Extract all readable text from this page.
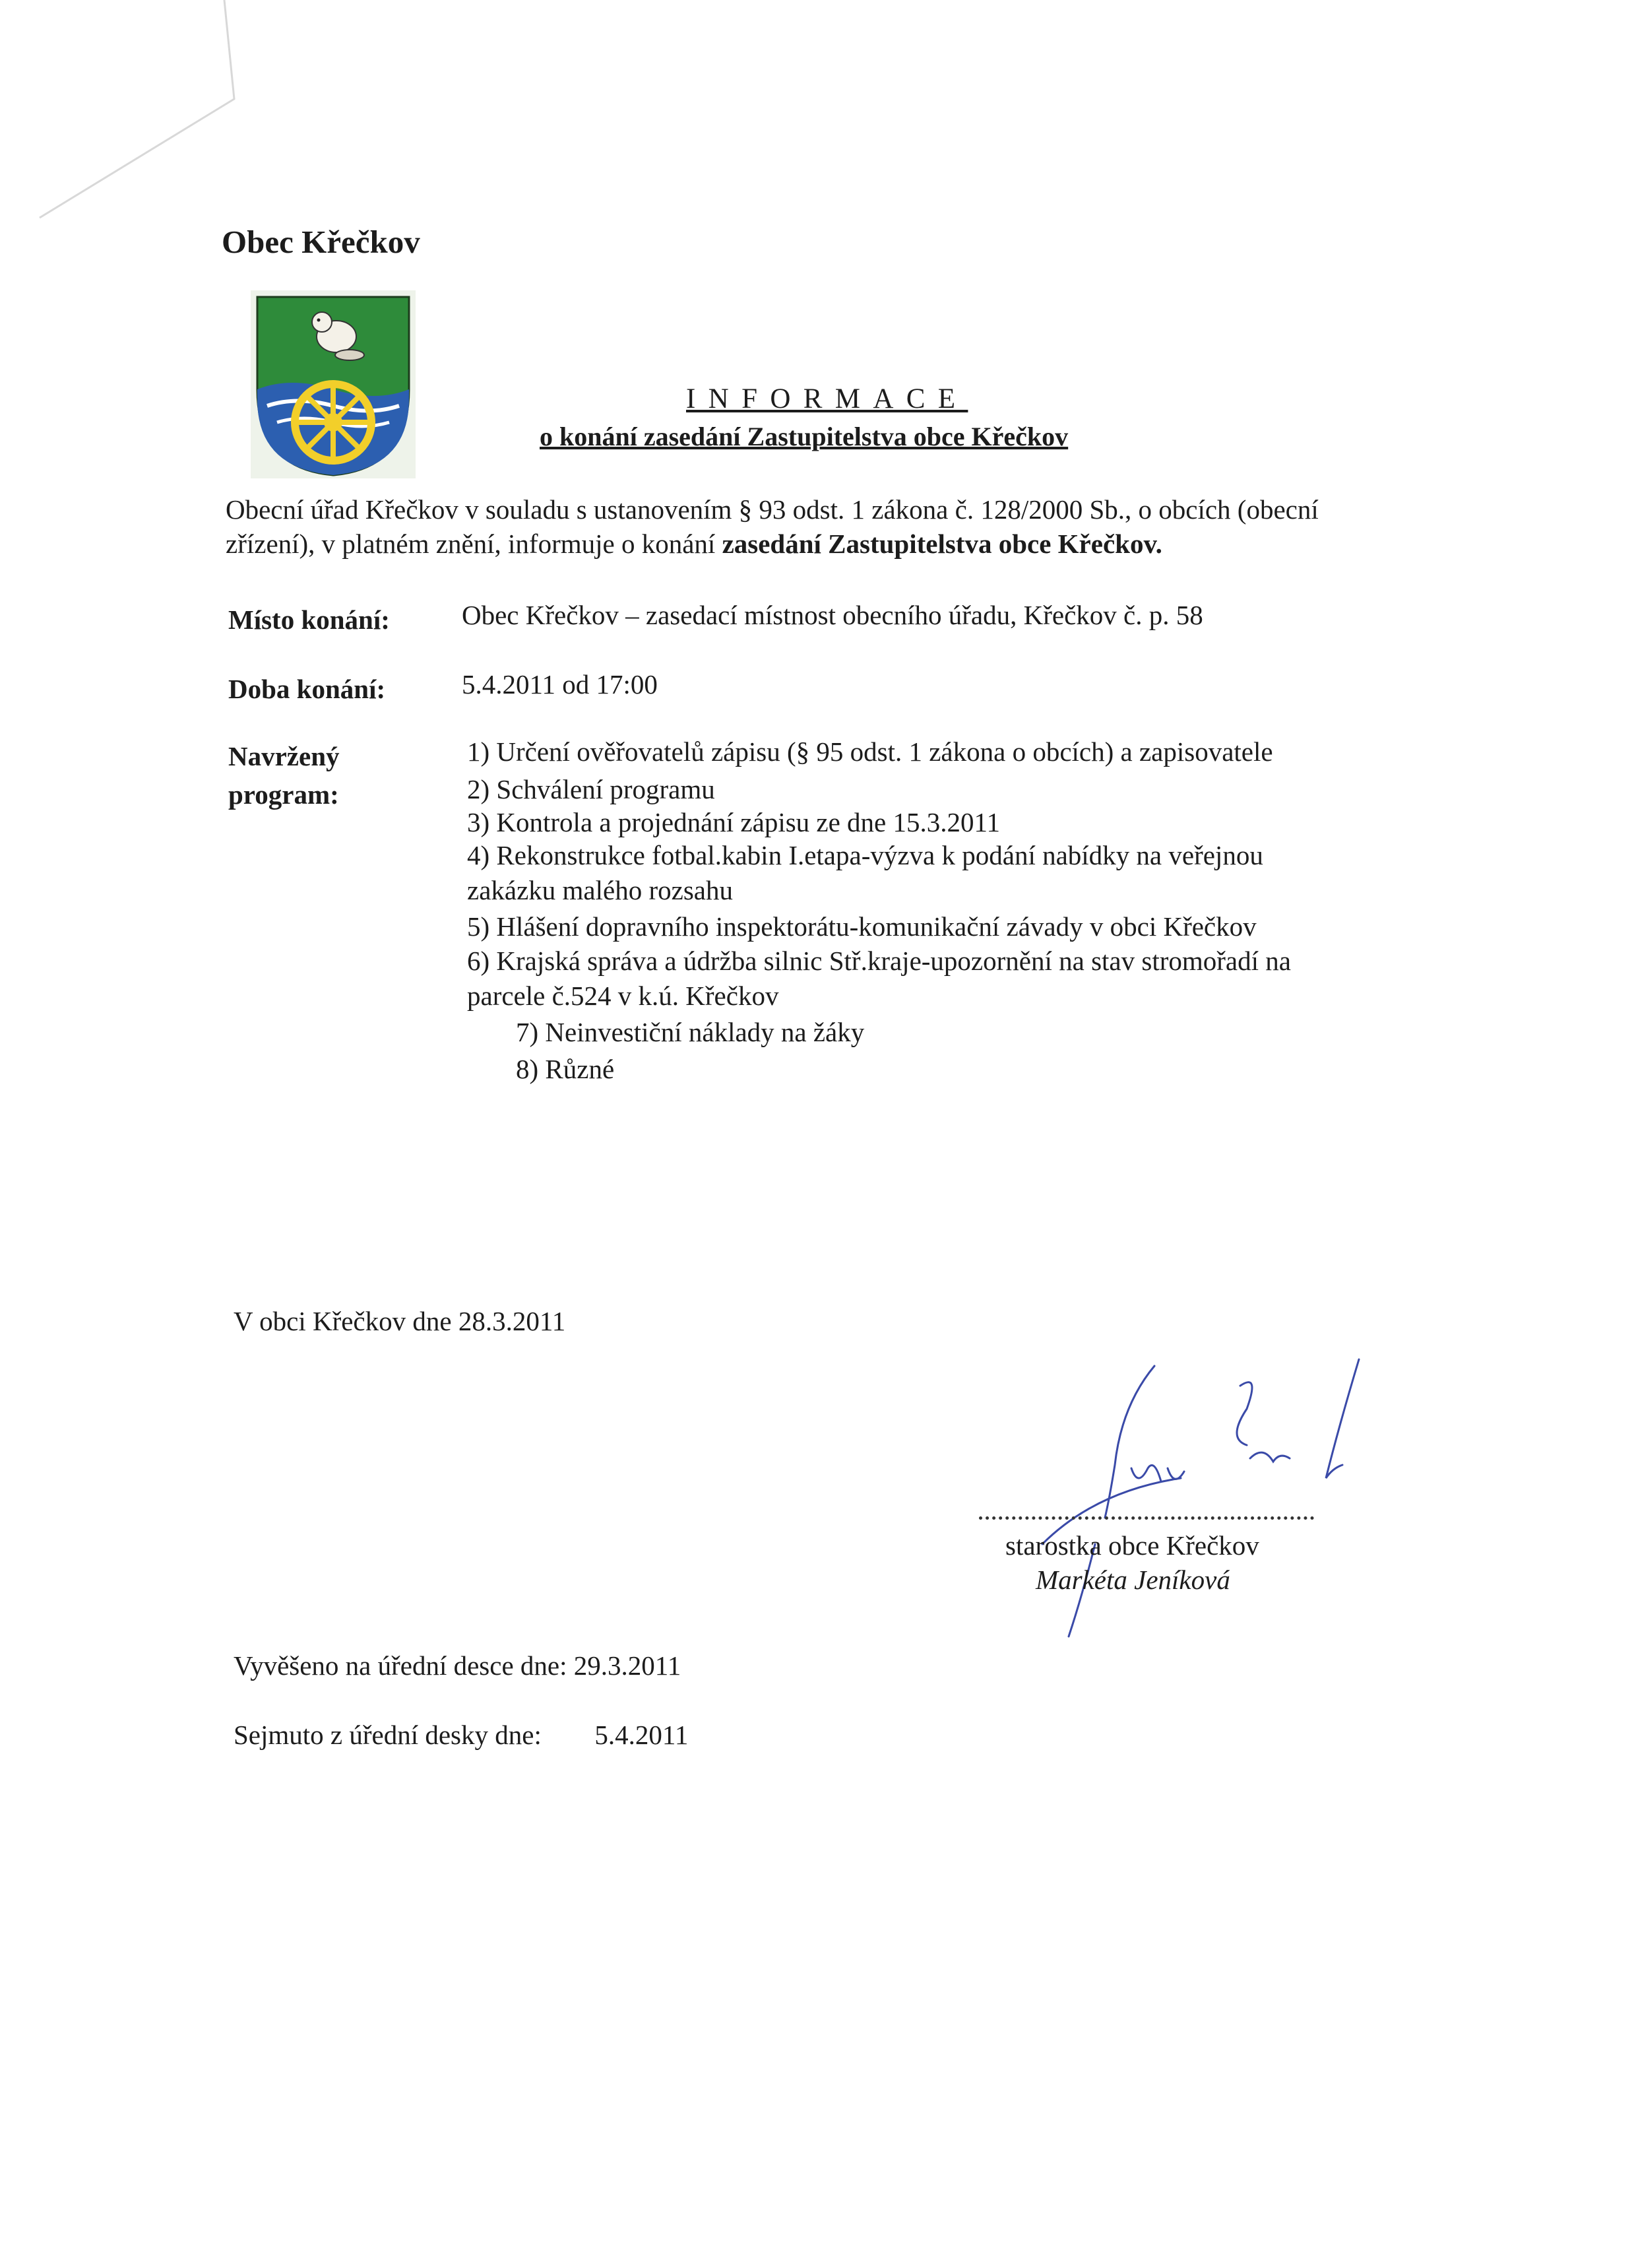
Obec Křečkov
INFORMACE
o konání zasedání Zastupitelstva obce Křečkov
Obecní úřad Křečkov v souladu s ustanovením § 93 odst. 1 zákona č. 128/2000 Sb., o obcích (obecní
zřízení), v platném znění, informuje o konání zasedání Zastupitelstva obce Křečkov.
Místo konání:	Obec Křečkov – zasedací místnost obecního úřadu, Křečkov č. p. 58
Doba konání:	5.4.2011 od 17:00
Navržený
program:
1) Určení ověřovatelů zápisu (§ 95 odst. 1 zákona o obcích) a zapisovatele
2) Schválení programu
3) Kontrola a projednání zápisu ze dne 15.3.2011
4) Rekonstrukce fotbal.kabin I.etapa-výzva k podání nabídky na veřejnou
zakázku malého rozsahu
5) Hlášení dopravního inspektorátu-komunikační závady v obci Křečkov
6) Krajská správa a údržba silnic Stř.kraje-upozornění na stav stromořadí na
parcele č.524 v k.ú. Křečkov
7) Neinvestiční náklady na žáky
8) Různé
V obci Křečkov dne 28.3.2011
starostka obce Křečkov
Markéta Jeníková
Vyvěšeno na úřední desce dne: 29.3.2011
Sejmuto z úřední desky dne: 5.4.2011
